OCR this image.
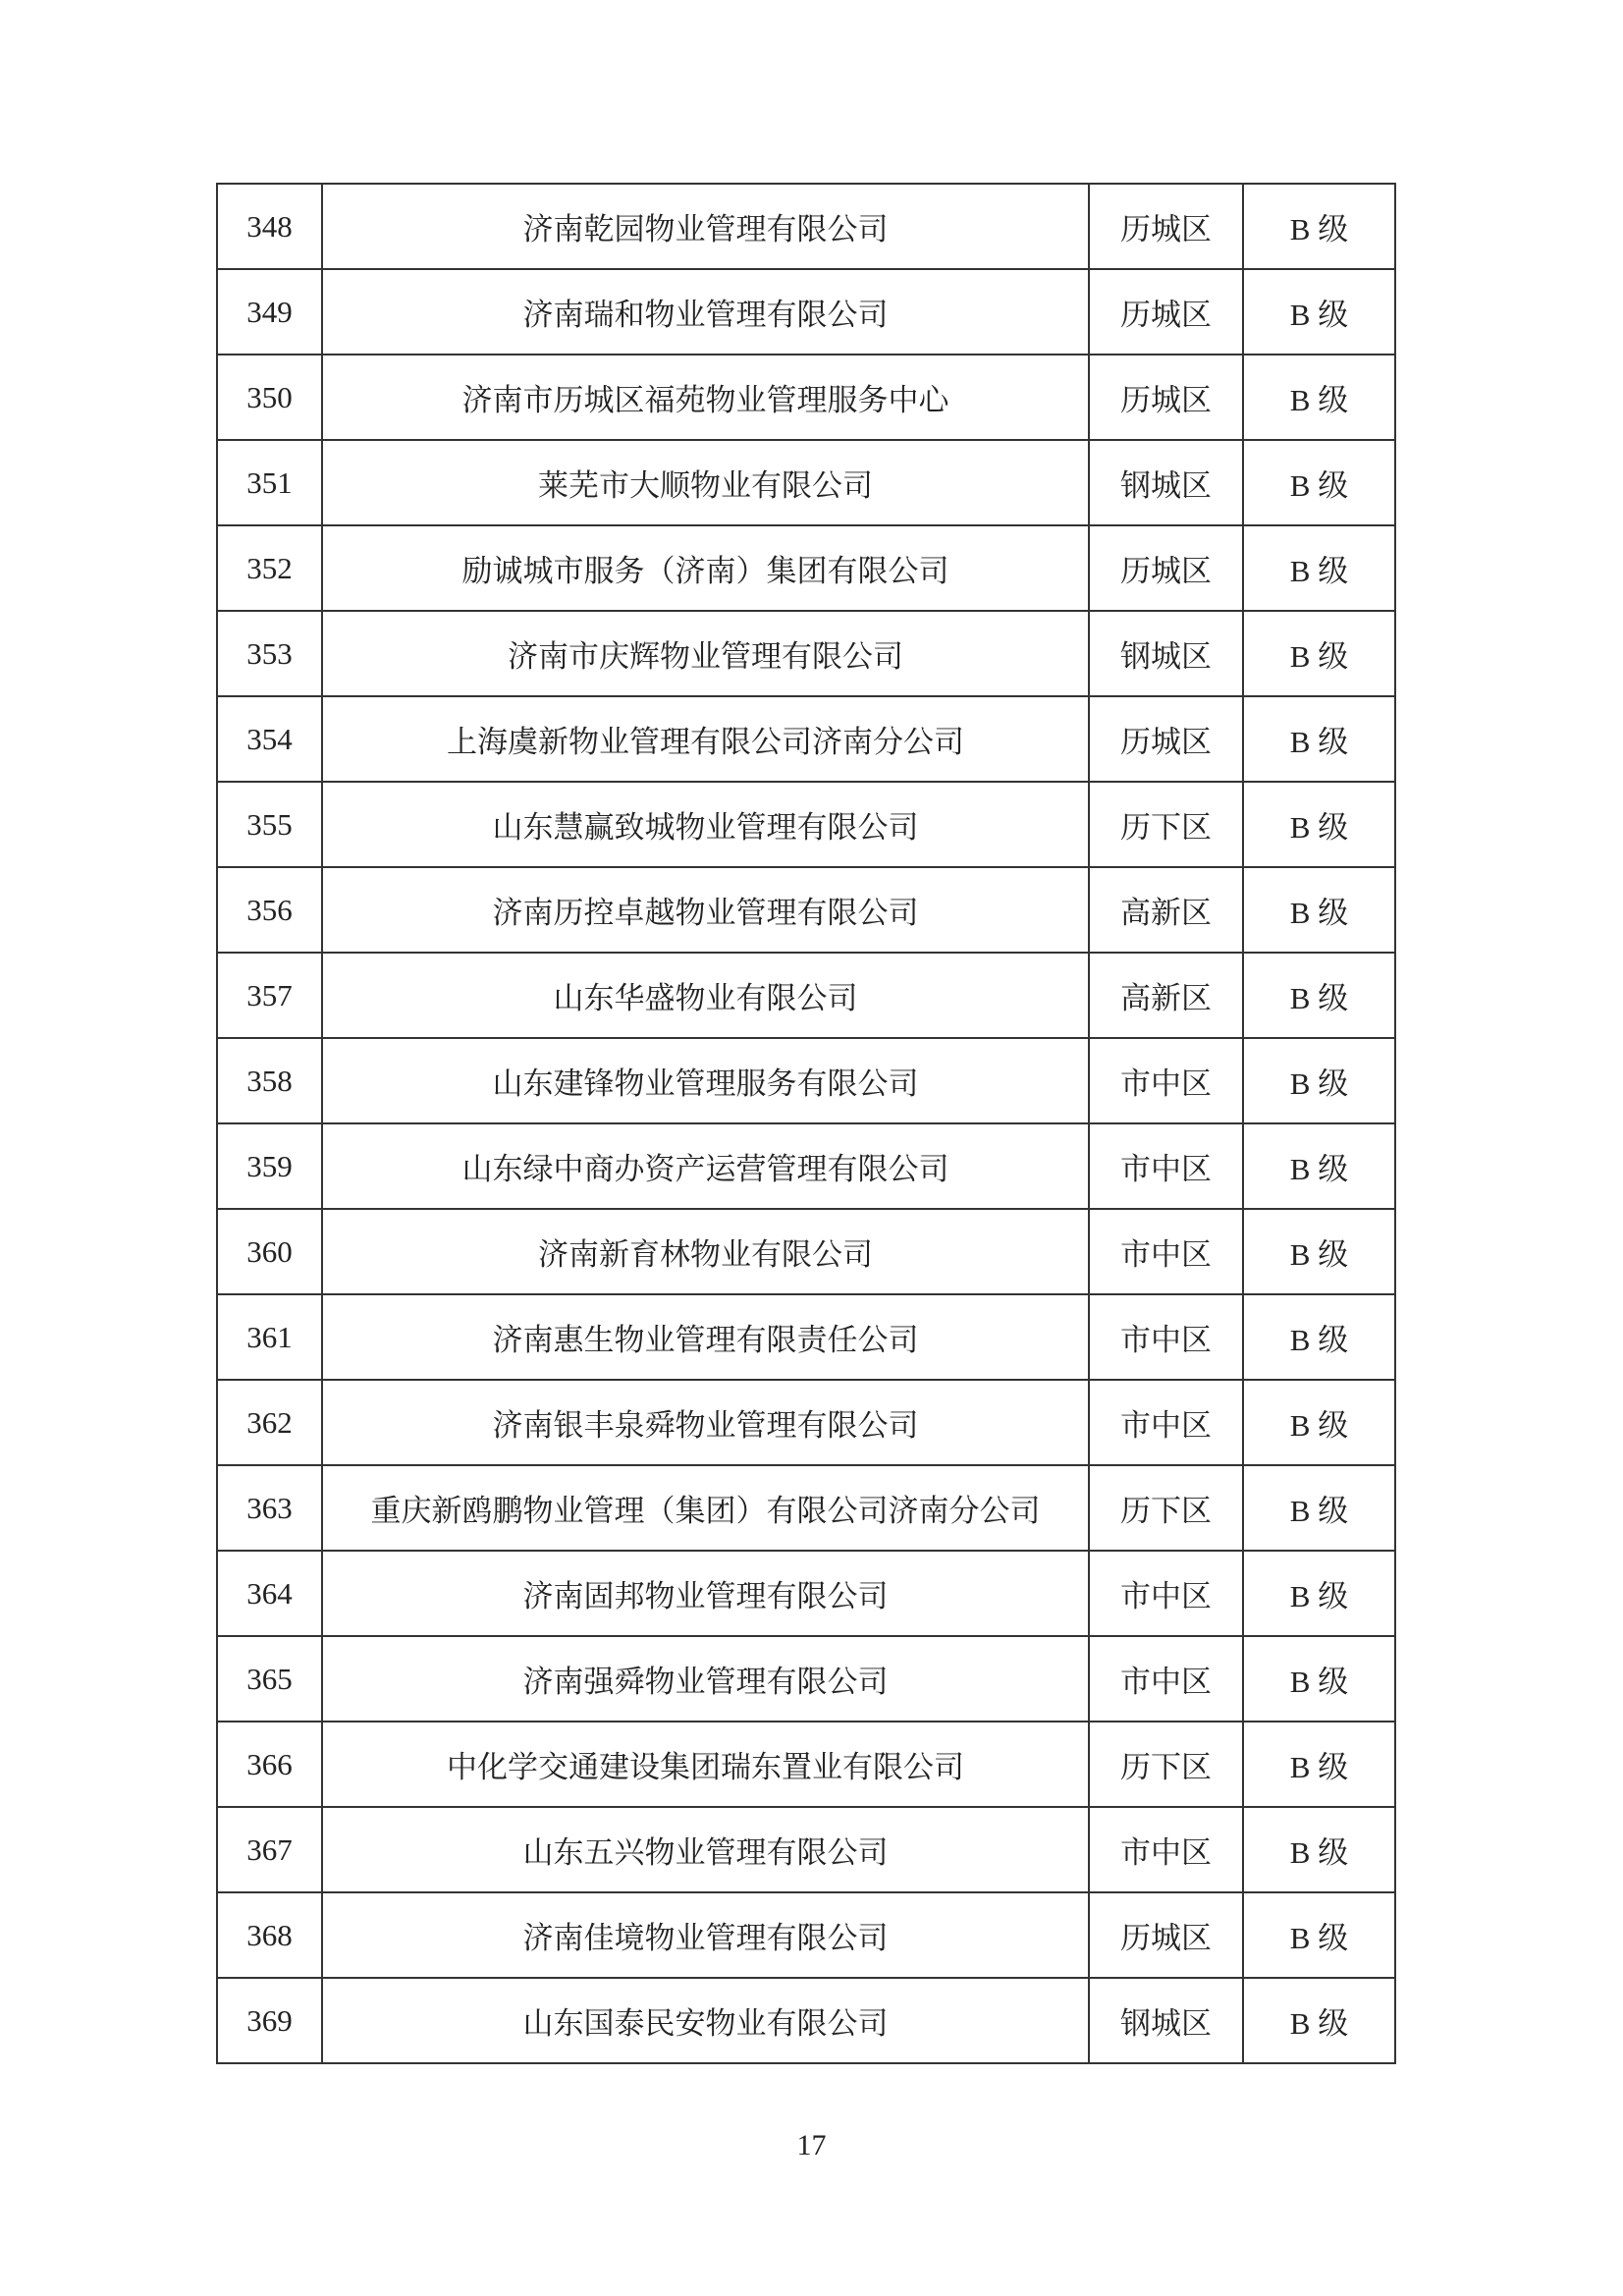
348	济南乾园物业管理有限公司	历城区	B 级
349	济南瑞和物业管理有限公司	历城区	B 级
350	济南市历城区福苑物业管理服务中心	历城区	B 级
351	莱芜市大顺物业有限公司	钢城区	B 级
352	励诚城市服务（济南）集团有限公司	历城区	B 级
353	济南市庆辉物业管理有限公司	钢城区	B 级
354	上海虞新物业管理有限公司济南分公司	历城区	B 级
355	山东慧赢致城物业管理有限公司	历下区	B 级
356	济南历控卓越物业管理有限公司	高新区	B 级
357	山东华盛物业有限公司	高新区	B 级
358	山东建锋物业管理服务有限公司	市中区	B 级
359	山东绿中商办资产运营管理有限公司	市中区	B 级
360	济南新育林物业有限公司	市中区	B 级
361	济南惠生物业管理有限责任公司	市中区	B 级
362	济南银丰泉舜物业管理有限公司	市中区	B 级
363	重庆新鸥鹏物业管理（集团）有限公司济南分公司	历下区	B 级
364	济南固邦物业管理有限公司	市中区	B 级
365	济南强舜物业管理有限公司	市中区	B 级
366	中化学交通建设集团瑞东置业有限公司	历下区	B 级
367	山东五兴物业管理有限公司	市中区	B 级
368	济南佳境物业管理有限公司	历城区	B 级
369	山东国泰民安物业有限公司	钢城区	B 级
17
